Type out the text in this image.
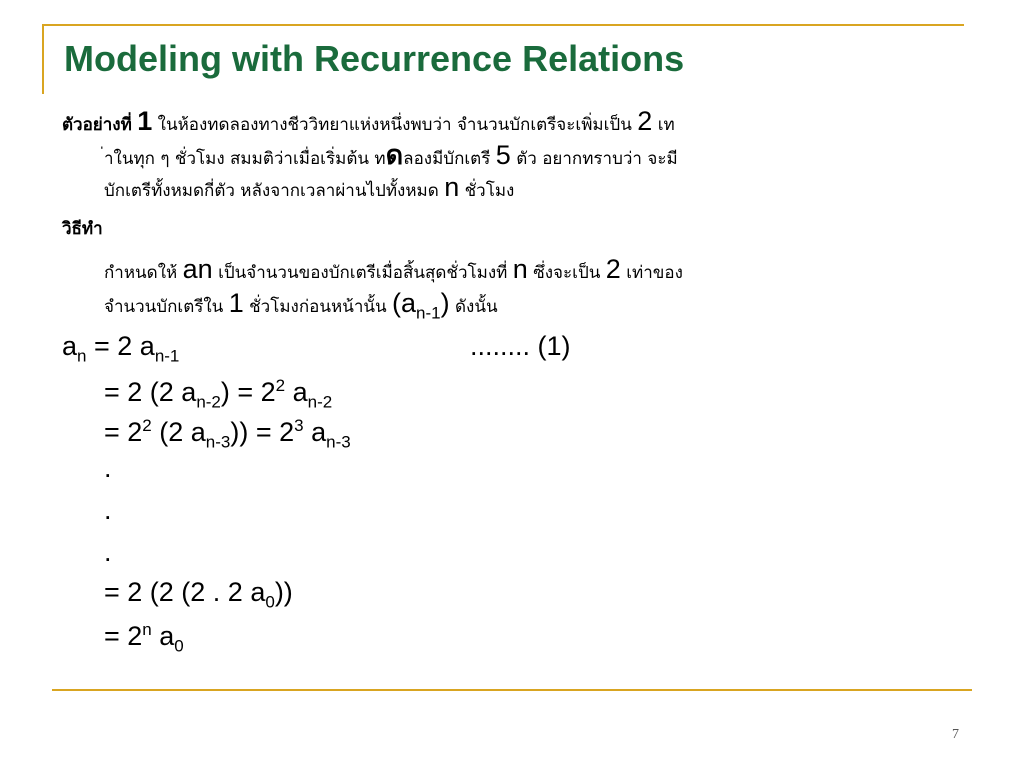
Modeling with Recurrence Relations
ตัวอย่างที่ 1 ในห้องทดลองทางชีววิทยาแห่งหนึ่งพบว่า จำนวนบักเตรีจะเพิ่มเป็น 2 เท
่าในทุก ๆ ชั่วโมง สมมติว่าเมื่อเริ่มต้น ทดลองมีบักเตรี 5 ตัว อยากทราบว่า จะมี
บักเตรีทั้งหมดกี่ตัว หลังจากเวลาผ่านไปทั้งหมด n ชั่วโมง
วิธีทำ
กำหนดให้ an เป็นจำนวนของบักเตรีเมื่อสิ้นสุดชั่วโมงที่ n ซึ่งจะเป็น 2 เท่าของ
จำนวนบักเตรีใน 1 ชั่วโมงก่อนหน้านั้น $(a_{n-1})$ ดังนั้น
$a_n = 2$ $a_{n-1}$	........ (1)
= 2 (2 $a_{n-2}) = 2^2$ $a_{n-2}$
= $2^2$ (2 $a_{n-3})) = 2^3$ $a_{n-3}$
.
.
.
= 2 (2 (2 . 2 $a_0$))
= $2^n$ $a_0$
7
